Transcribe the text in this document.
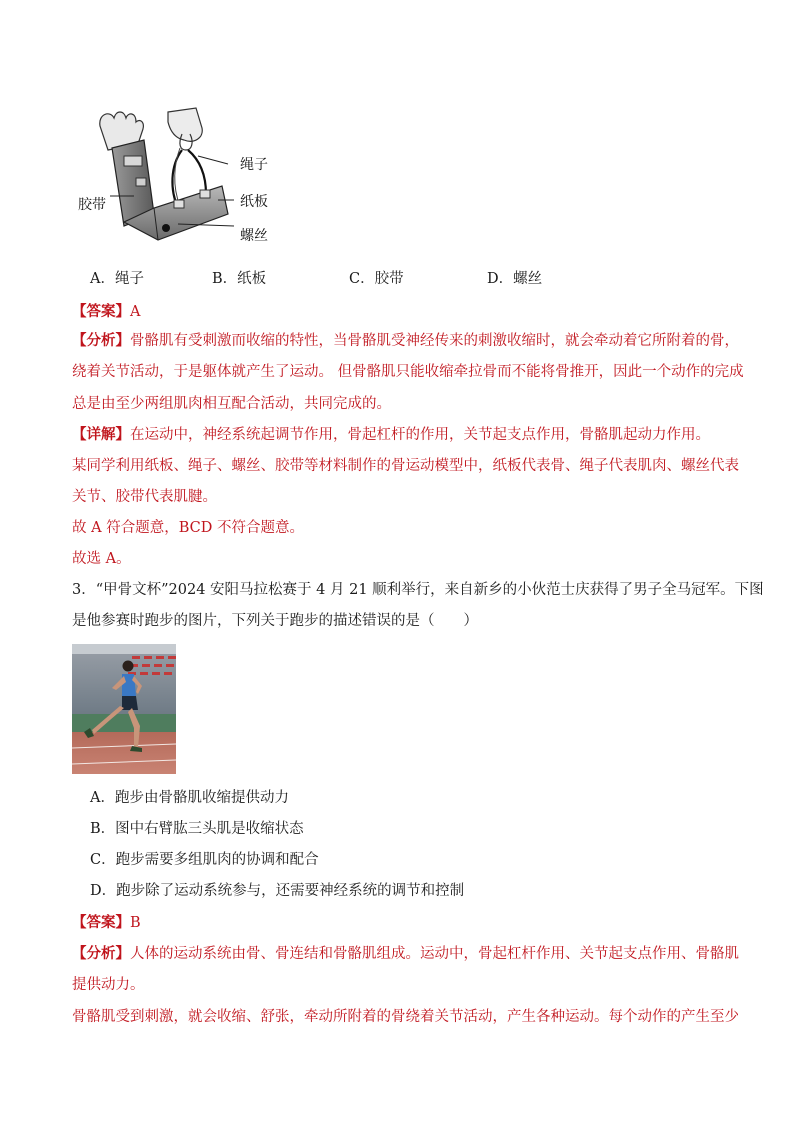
绳子
纸板
胶带
螺丝
A．绳子	B．纸板	C．胶带	D．螺丝
【答案】A
【分析】骨骼肌有受刺激而收缩的特性，当骨骼肌受神经传来的刺激收缩时，就会牵动着它所附着的骨，
绕着关节活动，于是躯体就产生了运动。 但骨骼肌只能收缩牵拉骨而不能将骨推开，因此一个动作的完成
总是由至少两组肌肉相互配合活动，共同完成的。
【详解】在运动中，神经系统起调节作用，骨起杠杆的作用，关节起支点作用，骨骼肌起动力作用。
某同学利用纸板、绳子、螺丝、胶带等材料制作的骨运动模型中，纸板代表骨、绳子代表肌肉、螺丝代表
关节、胶带代表肌腱。
故 A 符合题意，BCD 不符合题意。
故选 A。
3．“甲骨文杯”2024 安阳马拉松赛于 4 月 21 顺利举行，来自新乡的小伙范士庆获得了男子全马冠军。下图
是他参赛时跑步的图片，下列关于跑步的描述错误的是（　　）
A．跑步由骨骼肌收缩提供动力
B．图中右臂肱三头肌是收缩状态
C．跑步需要多组肌肉的协调和配合
D．跑步除了运动系统参与，还需要神经系统的调节和控制
【答案】B
【分析】人体的运动系统由骨、骨连结和骨骼肌组成。运动中，骨起杠杆作用、关节起支点作用、骨骼肌
提供动力。
骨骼肌受到刺激，就会收缩、舒张，牵动所附着的骨绕着关节活动，产生各种运动。每个动作的产生至少
